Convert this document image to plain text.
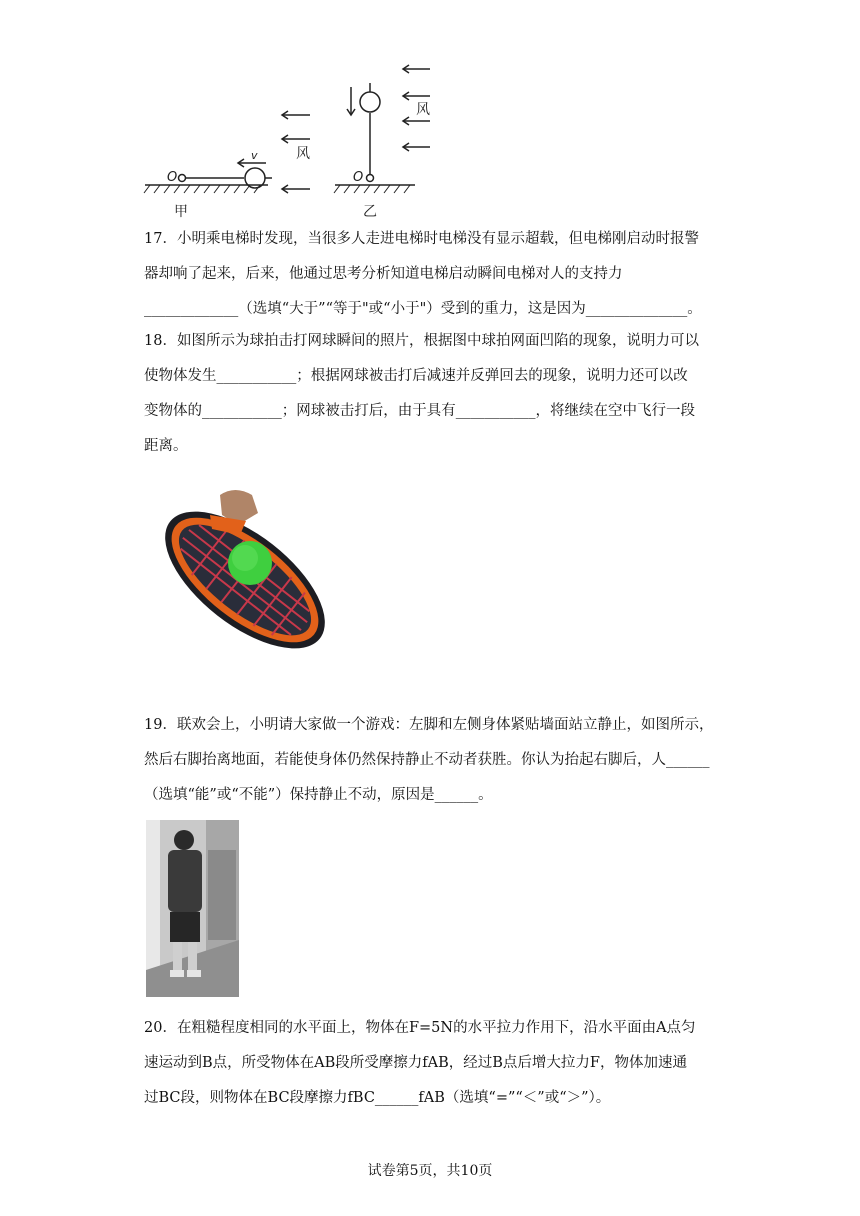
O	O
v	风
风
甲	乙

17．小明乘电梯时发现，当很多人走进电梯时电梯没有显示超载，但电梯刚启动时报警
器却响了起来，后来，他通过思考分析知道电梯启动瞬间电梯对人的支持力
_____________（选填“大于”“等于"或“小于"）受到的重力，这是因为______________。

18．如图所示为球拍击打网球瞬间的照片，根据图中球拍网面凹陷的现象，说明力可以
使物体发生___________；根据网球被击打后减速并反弹回去的现象，说明力还可以改
变物体的___________；网球被击打后，由于具有___________，将继续在空中飞行一段
距离。

19．联欢会上，小明请大家做一个游戏：左脚和左侧身体紧贴墙面站立静止，如图所示，
然后右脚抬离地面，若能使身体仍然保持静止不动者获胜。你认为抬起右脚后，人______
（选填“能”或“不能”）保持静止不动，原因是______。

20．在粗糙程度相同的水平面上，物体在F=5N的水平拉力作用下，沿水平面由A点匀
速运动到B点，所受物体在AB段所受摩擦力fAB，经过B点后增大拉力F，物体加速通
过BC段，则物体在BC段摩擦力fBC______fAB（选填“=”“＜”或“＞”）。

试卷第5页，共10页
